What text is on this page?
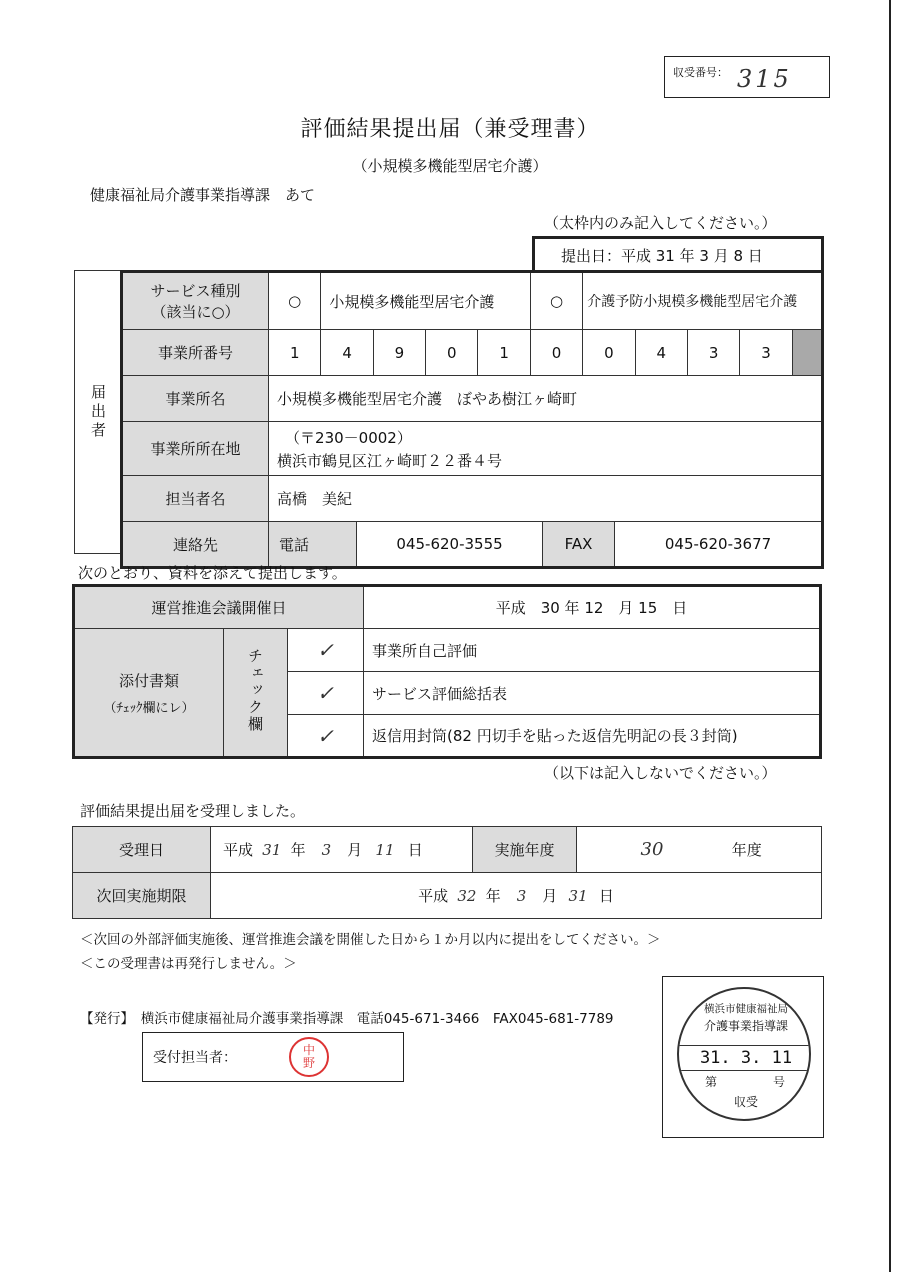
収受番号： 315
評価結果提出届（兼受理書）
（小規模多機能型居宅介護）
健康福祉局介護事業指導課　あて
（太枠内のみ記入してください。）
提出日：平成 31 年 3 月 8 日
届出者
サービス種別
（該当に○）	○	小規模多機能型居宅介護				○	介護予防小規模多機能型居宅介護				
事業所番号	1	4	9	0	1	0	0	4	3	3	
事業所名	小規模多機能型居宅介護　ぼやあ樹江ヶ崎町										
事業所所在地	（〒230－0002）
横浜市鶴見区江ヶ崎町２２番４号										

担当者名	高橋　美紀										
連絡先	電話 045-620-3555 FAX 045-620-3677										
次のとおり、資料を添えて提出します。
運営推進会議開催日			平成　30 年 12　月 15　日

添付書類
（ﾁｪｯｸ欄にレ）	チェック欄	✓	事業所自己評価
		✓	サービス評価総括表
		✓	返信用封筒(82 円切手を貼った返信先明記の長３封筒)
（以下は記入しないでください。）
評価結果提出届を受理しました。
受理日	平成 31 年 3 月 11 日	実施年度	30 年度
次回実施期限	平成 32 年 3 月 31 日		
＜次回の外部評価実施後、運営推進会議を開催した日から１か月以内に提出をしてください。＞
＜この受理書は再発行しません。＞
【発行】　横浜市健康福祉局介護事業指導課　電話045-671-3466　FAX045-681-7789
受付担当者：	中
野
横浜市健康福祉局
介護事業指導課
31. 3. 11
第	号
収受
